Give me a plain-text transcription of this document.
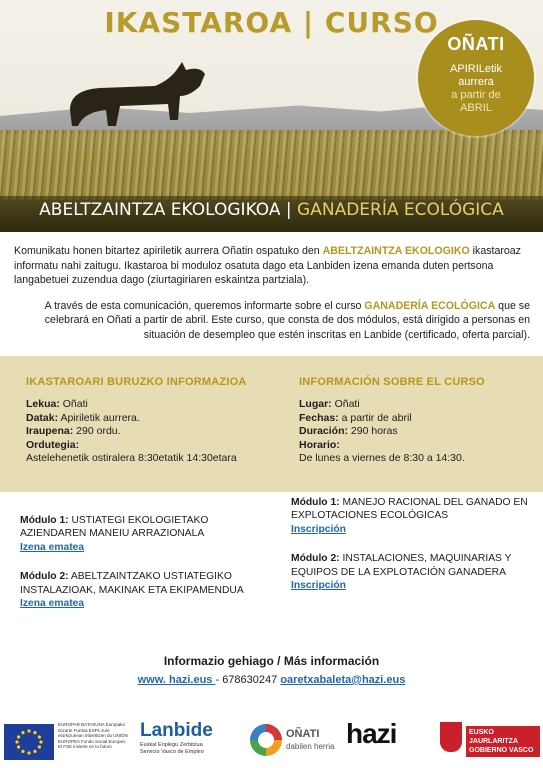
IKASTAROA | CURSO
OÑATI
APIRILetik
aurrera
a partir de
ABRIL
ABELTZAINTZA EKOLOGIKOA | GANADERÍA ECOLÓGICA

Komunikatu honen bitartez apiriletik aurrera Oñatin ospatuko den ABELTZAINTZA EKOLOGIKO ikastaroaz informatu nahi zaitugu. Ikastaroa bi moduloz osatuta dago eta Lanbiden izena emanda duten pertsona langabetuei zuzendua dago (ziurtagiriaren eskaintza partziala).

A través de esta comunicación, queremos informarte sobre el curso GANADERÍA ECOLÓGICA que se celebrará en Oñati a partir de abril. Este curso, que consta de dos módulos, está dirigido a personas en situación de desempleo que estén inscritas en Lanbide (certificado, oferta parcial).

IKASTAROARI BURUZKO INFORMAZIOA
Lekua: Oñati
Datak: Apiriletik aurrera.
Iraupena: 290 ordu.
Ordutegia:
Astelehenetik ostiralera 8:30etatik 14:30etara
INFORMACIÓN SOBRE EL CURSO
Lugar: Oñati
Fechas: a partir de abril
Duración: 290 horas
Horario:
De lunes a viernes de 8:30 a 14:30.
Módulo 1: USTIATEGI EKOLOGIETAKO AZIENDAREN MANEIU ARRAZIONALA
Izena ematea
Módulo 2: ABELTZAINTZAKO USTIATEGIKO INSTALAZIOAK, MAKINAK ETA EKIPAMENDUA
Izena ematea
Módulo 1: MANEJO RACIONAL DEL GANADO EN EXPLOTACIONES ECOLÓGICAS
Inscripción
Módulo 2: INSTALACIONES, MAQUINARIAS Y EQUIPOS DE LA EXPLOTACIÓN GANADERA
Inscripción
Informazio gehiago / Más información
www. hazi.eus - 678630247 oaretxabaleta@hazi.eus
EUROPAR BATASUNA Europako Gizarte Funtsa ESFk zure etorkizunean inbertitzen du UNIÓN EUROPEA Fondo Social Europeo El FSE invierte en tu futuro
Lanbide
Euskal Enplegu Zerbitzua
Servicio Vasco de Empleo
OÑATI
dabilen herria hazi	EUSKO JAURLARITZA
GOBIERNO VASCO
